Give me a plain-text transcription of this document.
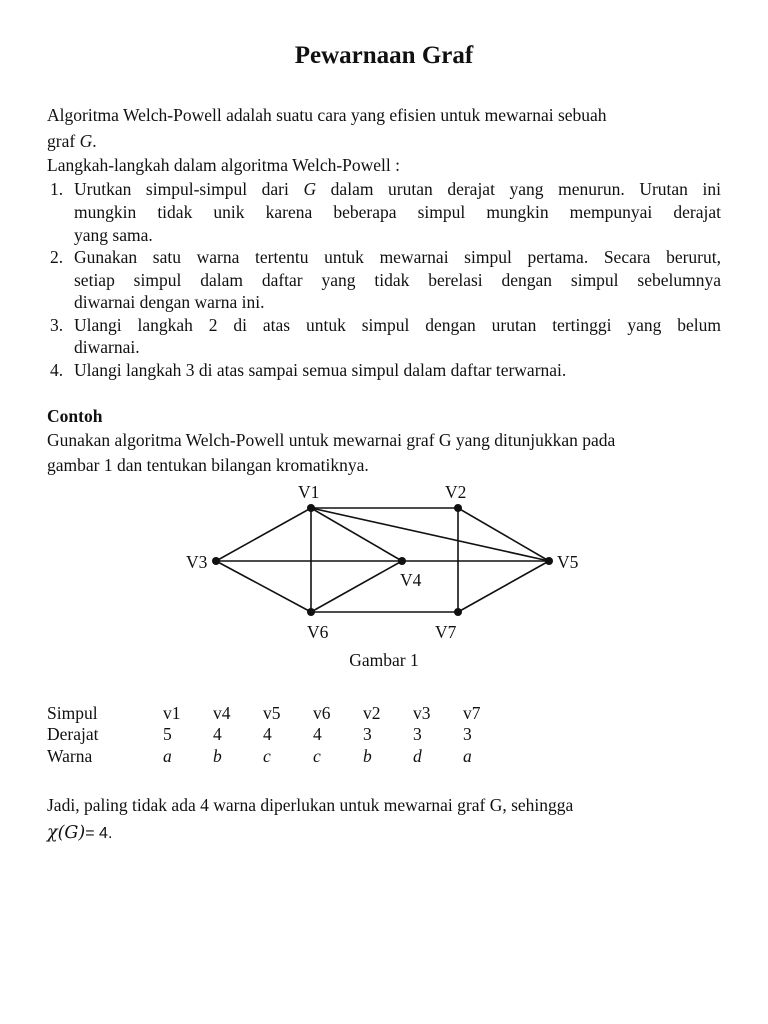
Pewarnaan Graf
Algoritma Welch-Powell adalah suatu cara yang efisien untuk mewarnai sebuah
graf G.
Langkah-langkah dalam algoritma Welch-Powell :
1. Urutkan simpul-simpul dari G dalam urutan derajat yang menurun. Urutan ini
mungkin tidak unik karena beberapa simpul mungkin mempunyai derajat
yang sama.
2. Gunakan satu warna tertentu untuk mewarnai simpul pertama. Secara berurut,
setiap simpul dalam daftar yang tidak berelasi dengan simpul sebelumnya
diwarnai dengan warna ini.
3. Ulangi langkah 2 di atas untuk simpul dengan urutan tertinggi yang belum
diwarnai.
4. Ulangi langkah 3 di atas sampai semua simpul dalam daftar terwarnai.
Contoh
Gunakan algoritma Welch-Powell untuk mewarnai graf G yang ditunjukkan pada
gambar 1 dan tentukan bilangan kromatiknya.
V1	V2
V3
V4
V5
V6	V7
Gambar 1
Simpul
Derajat
Warna
v1 v4 v5 v6 v2 v3 v7
5 4 4 4 3 3 3
a b c c b d a
Jadi, paling tidak ada 4 warna diperlukan untuk mewarnai graf G, sehingga
χ(G)= 4.
